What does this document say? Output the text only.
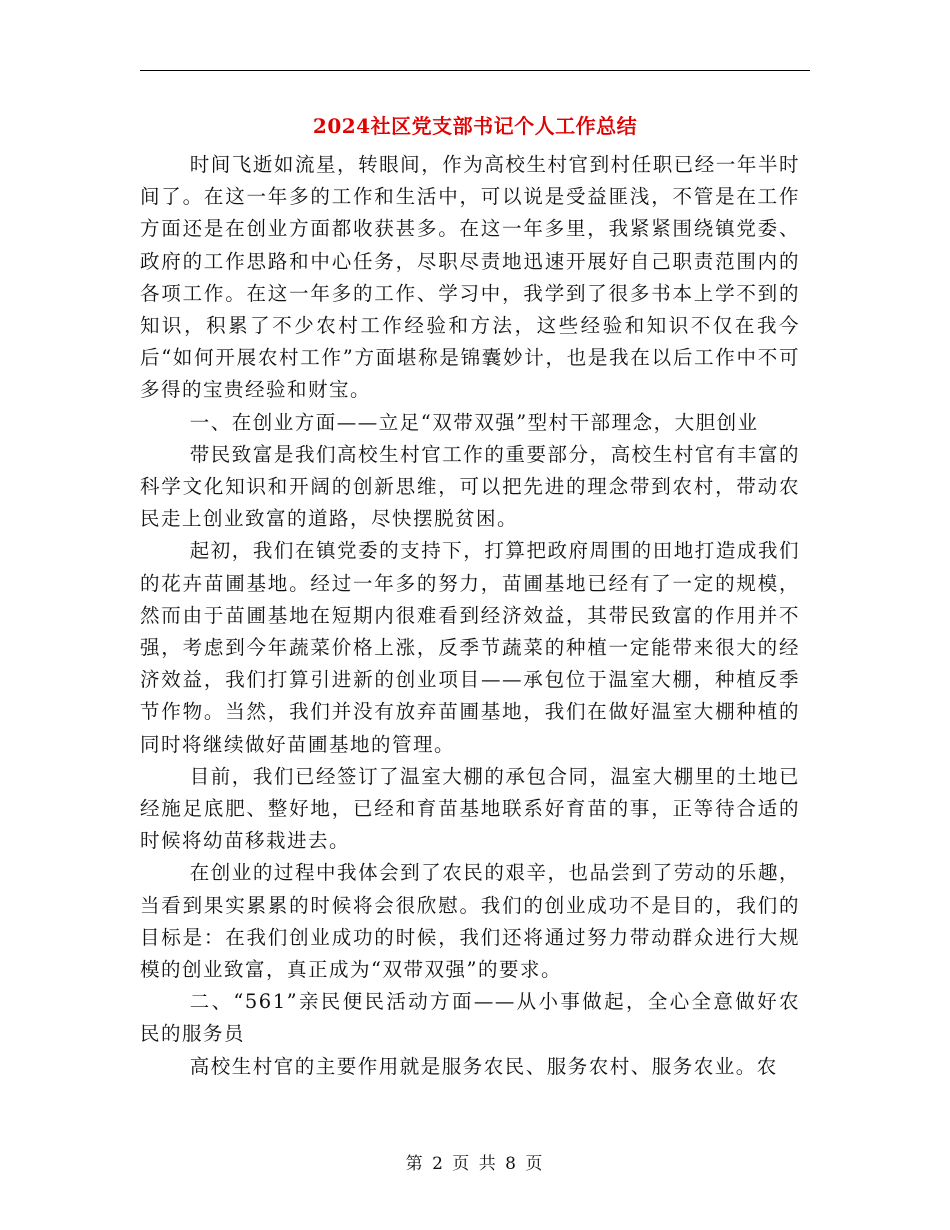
2024社区党支部书记个人工作总结

时间飞逝如流星，转眼间，作为高校生村官到村任职已经一年半时间了。在这一年多的工作和生活中，可以说是受益匪浅，不管是在工作方面还是在创业方面都收获甚多。在这一年多里，我紧紧围绕镇党委、政府的工作思路和中心任务，尽职尽责地迅速开展好自己职责范围内的各项工作。在这一年多的工作、学习中，我学到了很多书本上学不到的知识，积累了不少农村工作经验和方法，这些经验和知识不仅在我今后“如何开展农村工作”方面堪称是锦囊妙计，也是我在以后工作中不可多得的宝贵经验和财宝。

一、在创业方面——立足“双带双强”型村干部理念，大胆创业

带民致富是我们高校生村官工作的重要部分，高校生村官有丰富的科学文化知识和开阔的创新思维，可以把先进的理念带到农村，带动农民走上创业致富的道路，尽快摆脱贫困。

起初，我们在镇党委的支持下，打算把政府周围的田地打造成我们的花卉苗圃基地。经过一年多的努力，苗圃基地已经有了一定的规模，然而由于苗圃基地在短期内很难看到经济效益，其带民致富的作用并不强，考虑到今年蔬菜价格上涨，反季节蔬菜的种植一定能带来很大的经济效益，我们打算引进新的创业项目——承包位于温室大棚，种植反季节作物。当然，我们并没有放弃苗圃基地，我们在做好温室大棚种植的同时将继续做好苗圃基地的管理。

目前，我们已经签订了温室大棚的承包合同，温室大棚里的土地已经施足底肥、整好地，已经和育苗基地联系好育苗的事，正等待合适的时候将幼苗移栽进去。

在创业的过程中我体会到了农民的艰辛，也品尝到了劳动的乐趣，当看到果实累累的时候将会很欣慰。我们的创业成功不是目的，我们的目标是：在我们创业成功的时候，我们还将通过努力带动群众进行大规模的创业致富，真正成为“双带双强”的要求。

二、“561”亲民便民活动方面——从小事做起，全心全意做好农民的服务员

高校生村官的主要作用就是服务农民、服务农村、服务农业。农

第 2 页 共 8 页
